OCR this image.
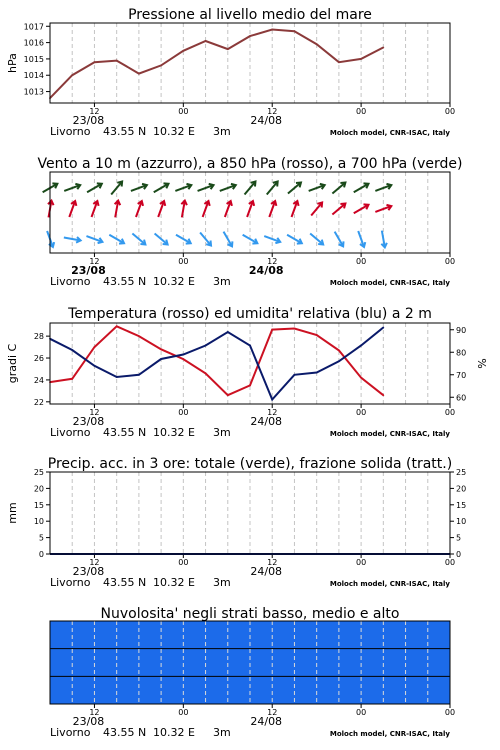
12	00	12	00	00
23/08	24/08
Livorno 43.55 N 10.32 E 3m	Moloch model, CNR-ISAC, Italy
Pressione al livello medio del mare
1013
1014
1015
1016
1017
hPa
12	00	12	00	00
23/08	24/08
Livorno 43.55 N 10.32 E 3m	Moloch model, CNR-ISAC, Italy
Vento a 10 m (azzurro), a 850 hPa (rosso), a 700 hPa (verde)
12	00	12	00	00
23/08	24/08
Livorno 43.55 N 10.32 E 3m	Moloch model, CNR-ISAC, Italy
Temperatura (rosso) ed umidita' relativa (blu) a 2 m
22
24
26
28
60
70
80
90
gradi C	%
12	00	12	00	00
23/08	24/08
Livorno 43.55 N 10.32 E 3m	Moloch model, CNR-ISAC, Italy
Precip. acc. in 3 ore: totale (verde), frazione solida (tratt.)
0
5
10
15
20
25
0
5
10
15
20
25
mm
12	00	12	00	00
23/08	24/08
Livorno 43.55 N 10.32 E 3m	Moloch model, CNR-ISAC, Italy
Nuvolosita' negli strati basso, medio e alto
